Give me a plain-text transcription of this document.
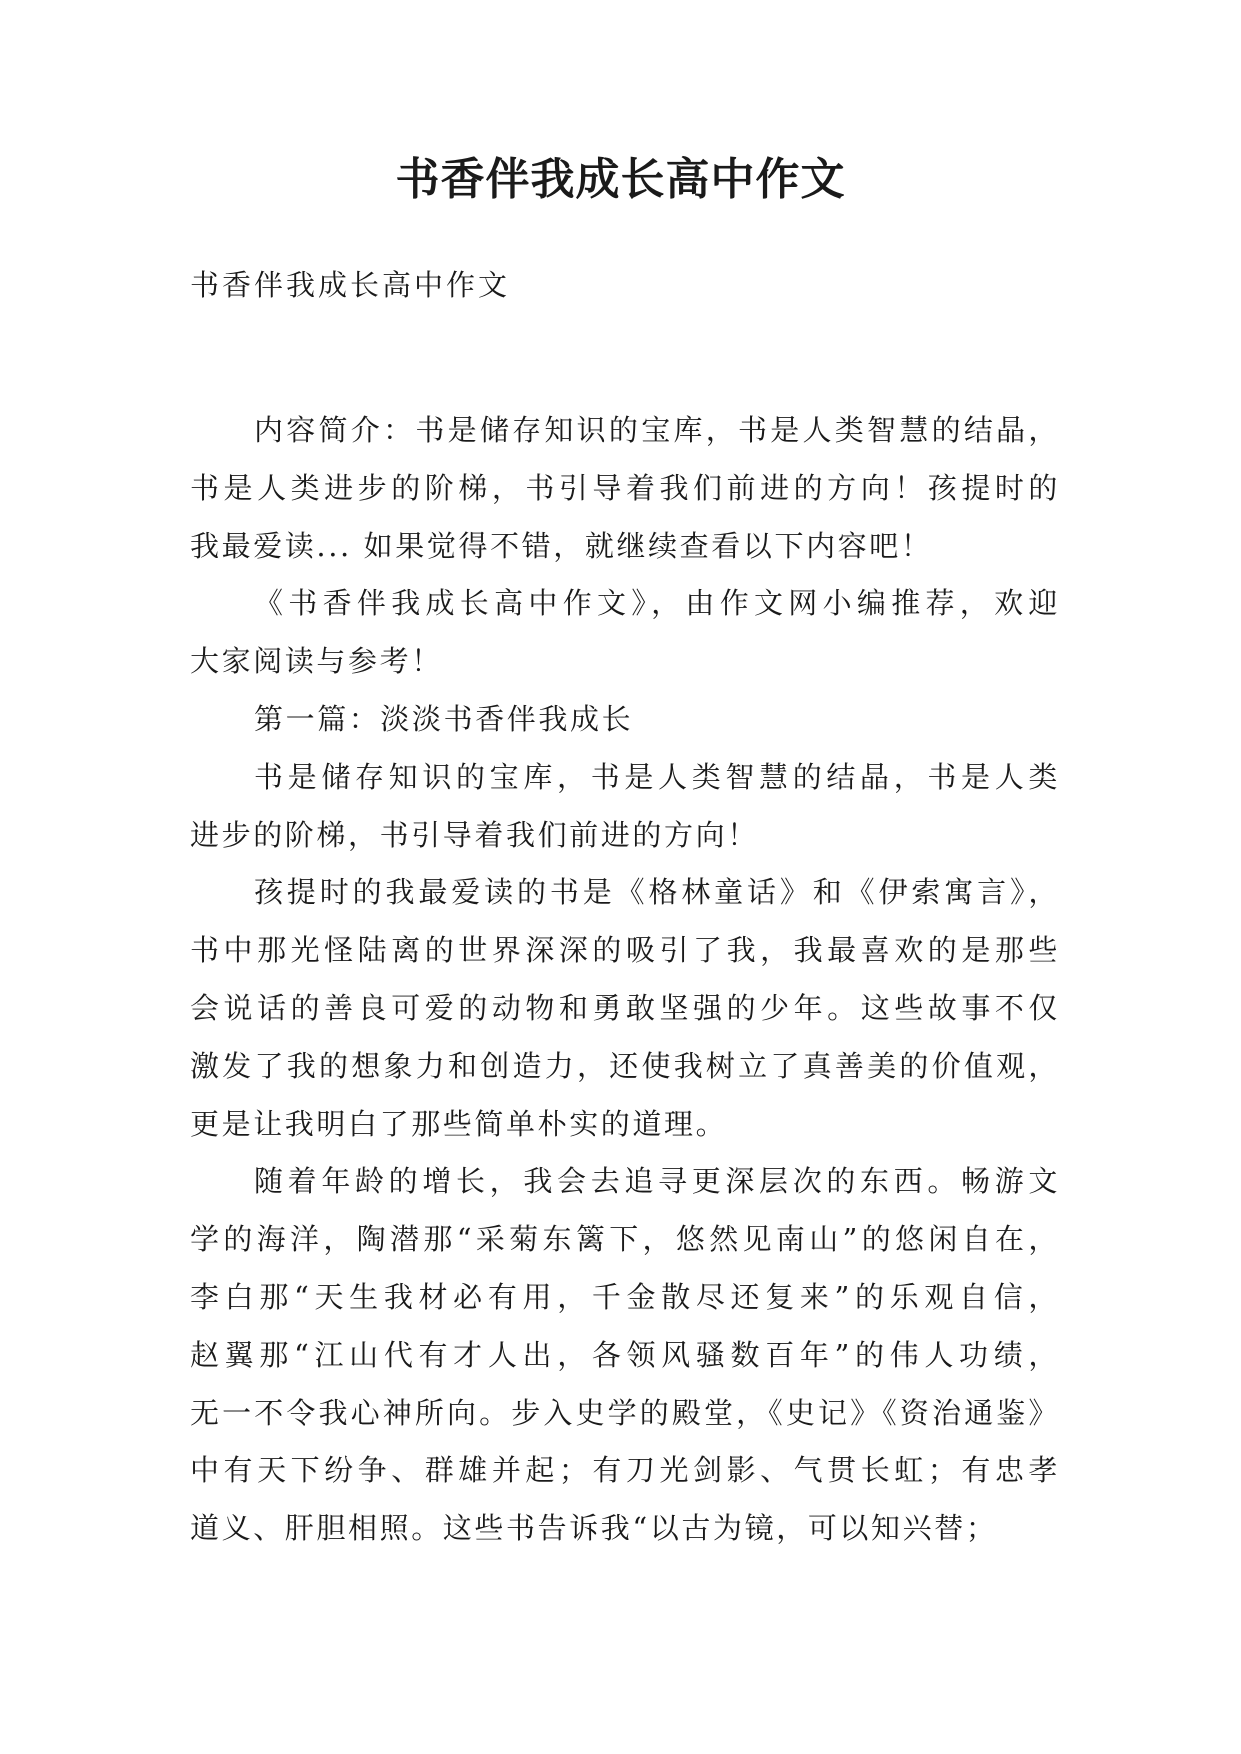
书香伴我成长高中作文

书香伴我成长高中作文

内容简介：书是储存知识的宝库，书是人类智慧的结晶，
书是人类进步的阶梯，书引导着我们前进的方向！孩提时的
我最爱读... 如果觉得不错，就继续查看以下内容吧！
《书香伴我成长高中作文》，由作文网小编推荐，欢迎
大家阅读与参考！
第一篇：淡淡书香伴我成长
书是储存知识的宝库，书是人类智慧的结晶，书是人类
进步的阶梯，书引导着我们前进的方向！
孩提时的我最爱读的书是《格林童话》和《伊索寓言》，
书中那光怪陆离的世界深深的吸引了我，我最喜欢的是那些
会说话的善良可爱的动物和勇敢坚强的少年。这些故事不仅
激发了我的想象力和创造力，还使我树立了真善美的价值观，
更是让我明白了那些简单朴实的道理。
随着年龄的增长，我会去追寻更深层次的东西。畅游文
学的海洋，陶潜那“采菊东篱下，悠然见南山”的悠闲自在，
李白那“天生我材必有用，千金散尽还复来”的乐观自信，
赵翼那“江山代有才人出，各领风骚数百年”的伟人功绩，
无一不令我心神所向。步入史学的殿堂，《史记》《资治通鉴》
中有天下纷争、群雄并起；有刀光剑影、气贯长虹；有忠孝
道义、肝胆相照。这些书告诉我“以古为镜，可以知兴替；
